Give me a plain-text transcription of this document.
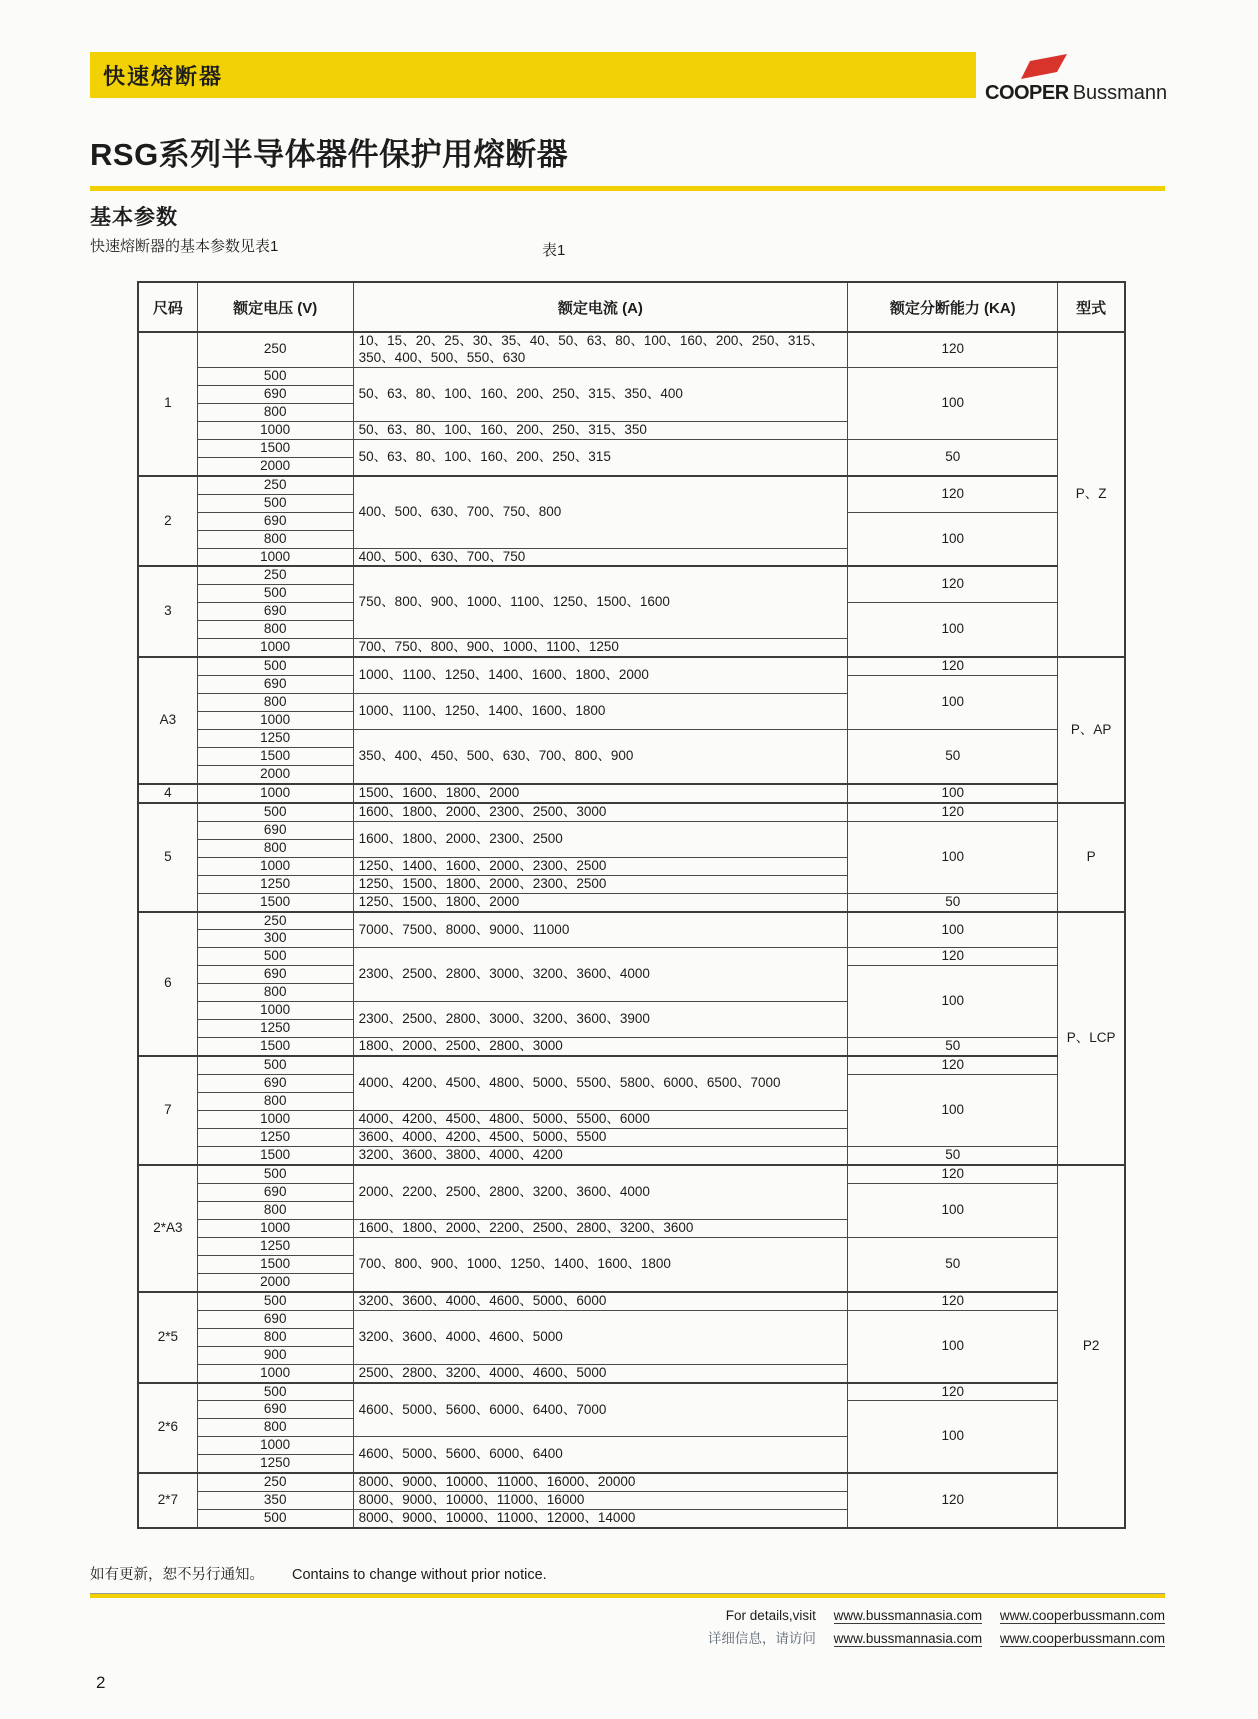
快速熔断器
COOPER Bussmann
RSG系列半导体器件保护用熔断器
基本参数
快速熔断器的基本参数见表1	表1
尺码	额定电压 (V)	额定电流 (A)	额定分断能力 (KA)	型式
1	250	10、15、20、25、30、35、40、50、63、80、100、160、200、250、315、350、400、500、550、630	120	P、Z
	500	50、63、80、100、160、200、250、315、350、400	100	
	690			
	800			
	1000	50、63、80、100、160、200、250、315、350		
	1500	50、63、80、100、160、200、250、315	50	
	2000			
2	250	400、500、630、700、750、800	120	
	500			
	690		100	
	800			
	1000	400、500、630、700、750		
3	250	750、800、900、1000、1100、1250、1500、1600	120	
	500			
	690		100	
	800			
	1000	700、750、800、900、1000、1100、1250		
A3	500	1000、1100、1250、1400、1600、1800、2000	120	P、AP
	690		100	
	800	1000、1100、1250、1400、1600、1800		
	1000			
	1250	350、400、450、500、630、700、800、900	50	
	1500			
	2000			
4	1000	1500、1600、1800、2000	100	
5	500	1600、1800、2000、2300、2500、3000	120	P
	690	1600、1800、2000、2300、2500	100	
	800			
	1000	1250、1400、1600、2000、2300、2500		
	1250	1250、1500、1800、2000、2300、2500		
	1500	1250、1500、1800、2000	50	
6	250	7000、7500、8000、9000、11000	100	P、LCP
	300			
	500	2300、2500、2800、3000、3200、3600、4000	120	
	690		100	
	800			
	1000	2300、2500、2800、3000、3200、3600、3900		
	1250			
	1500	1800、2000、2500、2800、3000	50	
7	500	4000、4200、4500、4800、5000、5500、5800、6000、6500、7000	120	
	690		100	
	800			
	1000	4000、4200、4500、4800、5000、5500、6000		
	1250	3600、4000、4200、4500、5000、5500		
	1500	3200、3600、3800、4000、4200	50	
2*A3	500	2000、2200、2500、2800、3200、3600、4000	120	P2
	690		100	
	800			
	1000	1600、1800、2000、2200、2500、2800、3200、3600		
	1250	700、800、900、1000、1250、1400、1600、1800	50	
	1500			
	2000			
2*5	500	3200、3600、4000、4600、5000、6000	120	
	690	3200、3600、4000、4600、5000	100	
	800			
	900			
	1000	2500、2800、3200、4000、4600、5000		
2*6	500	4600、5000、5600、6000、6400、7000	120	
	690		100	
	800			
	1000	4600、5000、5600、6000、6400		
	1250			
2*7	250	8000、9000、10000、11000、16000、20000	120	
	350	8000、9000、10000、11000、16000		
	500	8000、9000、10000、11000、12000、14000		
如有更新，恕不另行通知。 Contains to change without prior notice.
For details,visit www.bussmannasia.com www.cooperbussmann.com
详细信息，请访问 www.bussmannasia.com www.cooperbussmann.com
2
